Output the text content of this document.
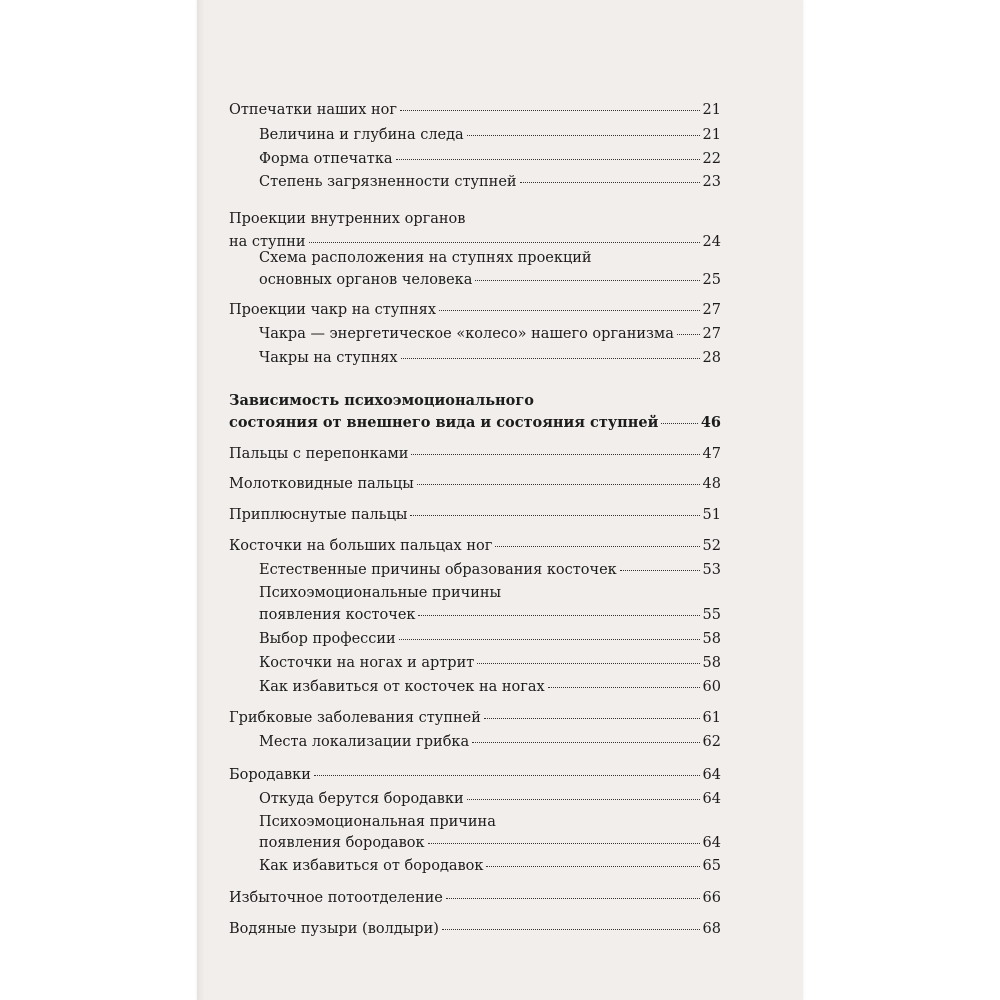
Отпечатки наших ног	21
Величина и глубина следа	21
Форма отпечатка	22
Степень загрязненности ступней	23
Проекции внутренних органов
на ступни	24
Схема расположения на ступнях проекций
основных органов человека	25
Проекции чакр на ступнях	27
Чакра — энергетическое «колесо» нашего организма 27
Чакры на ступнях	28
Зависимость психоэмоционального
состояния от внешнего вида и состояния ступней	46
Пальцы с перепонками	47
Молотковидные пальцы	48
Приплюснутые пальцы	51
Косточки на больших пальцах ног	52
Естественные причины образования косточек	53
Психоэмоциональные причины
появления косточек	55
Выбор профессии	58
Косточки на ногах и артрит	58
Как избавиться от косточек на ногах	60
Грибковые заболевания ступней	61
Места локализации грибка	62
Бородавки	64
Откуда берутся бородавки	64
Психоэмоциональная причина
появления бородавок	64
Как избавиться от бородавок	65
Избыточное потоотделение	66
Водяные пузыри (волдыри)	68
